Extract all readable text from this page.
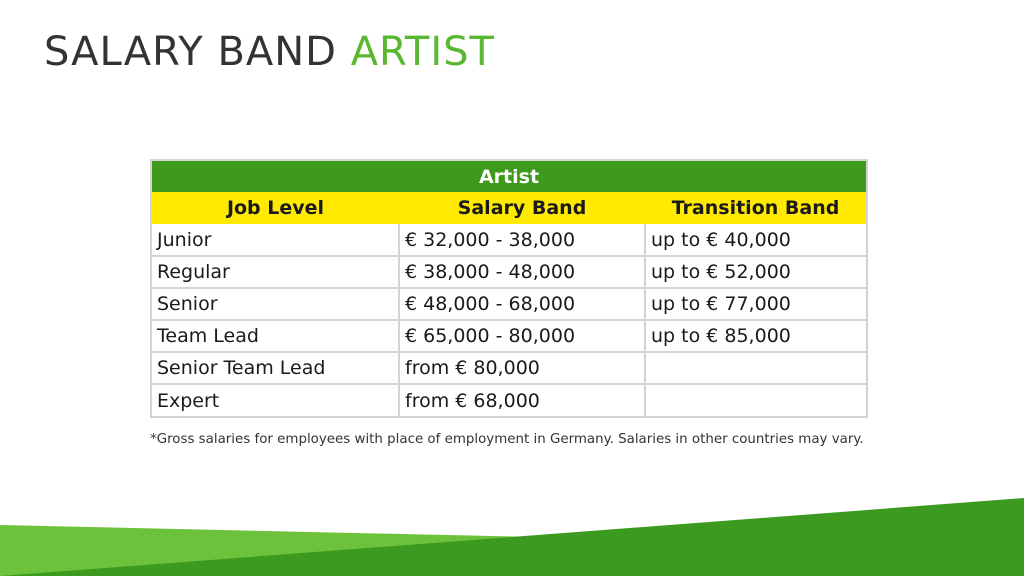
SALARY BAND ARTIST
Artist		
Job Level	Salary Band	Transition Band
Junior	€ 32,000 - 38,000	up to € 40,000
Regular	€ 38,000 - 48,000	up to € 52,000
Senior	€ 48,000 - 68,000	up to € 77,000
Team Lead	€ 65,000 - 80,000	up to € 85,000
Senior Team Lead	from € 80,000	
Expert	from € 68,000	

*Gross salaries for employees with place of employment in Germany. Salaries in other countries may vary.
